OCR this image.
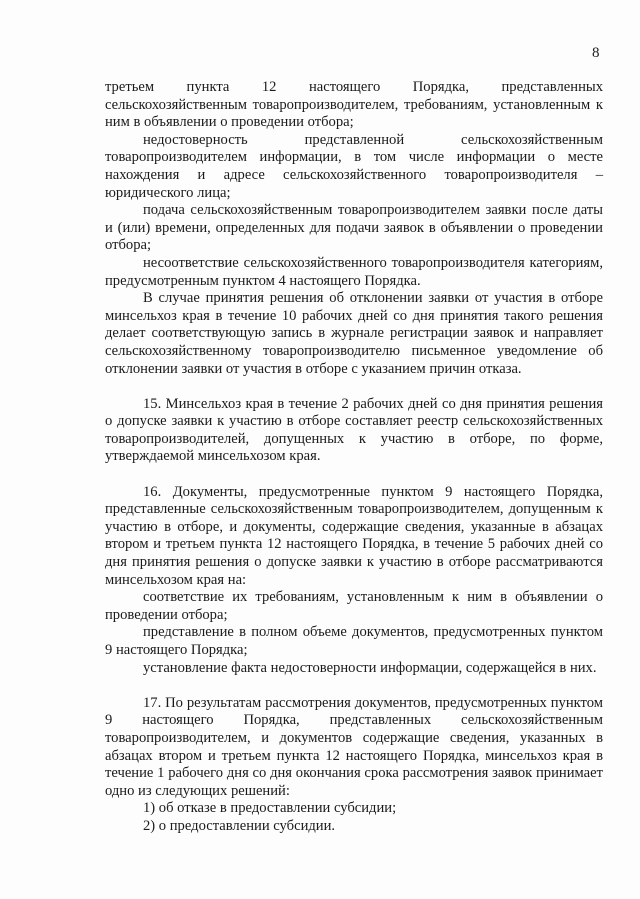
8

третьем пункта 12 настоящего Порядка, представленных сельскохозяйственным товаропроизводителем, требованиям, установленным к ним в объявлении о проведении отбора;

недостоверность представленной сельскохозяйственным товаропроизводителем информации, в том числе информации о месте нахождения и адресе сельскохозяйственного товаропроизводителя – юридического лица;

подача сельскохозяйственным товаропроизводителем заявки после даты и (или) времени, определенных для подачи заявок в объявлении о проведении отбора;

несоответствие сельскохозяйственного товаропроизводителя категориям, предусмотренным пунктом 4 настоящего Порядка.

В случае принятия решения об отклонении заявки от участия в отборе минсельхоз края в течение 10 рабочих дней со дня принятия такого решения делает соответствующую запись в журнале регистрации заявок и направляет сельскохозяйственному товаропроизводителю письменное уведомление об отклонении заявки от участия в отборе с указанием причин отказа.

15. Минсельхоз края в течение 2 рабочих дней со дня принятия решения о допуске заявки к участию в отборе составляет реестр сельскохозяйственных товаропроизводителей, допущенных к участию в отборе, по форме, утверждаемой минсельхозом края.

16. Документы, предусмотренные пунктом 9 настоящего Порядка, представленные сельскохозяйственным товаропроизводителем, допущенным к участию в отборе, и документы, содержащие сведения, указанные в абзацах втором и третьем пункта 12 настоящего Порядка, в течение 5 рабочих дней со дня принятия решения о допуске заявки к участию в отборе рассматриваются минсельхозом края на:

соответствие их требованиям, установленным к ним в объявлении о проведении отбора;

представление в полном объеме документов, предусмотренных пунктом 9 настоящего Порядка;

установление факта недостоверности информации, содержащейся в них.

17. По результатам рассмотрения документов, предусмотренных пунктом 9 настоящего Порядка, представленных сельскохозяйственным товаропроизводителем, и документов содержащие сведения, указанных в абзацах втором и третьем пункта 12 настоящего Порядка, минсельхоз края в течение 1 рабочего дня со дня окончания срока рассмотрения заявок принимает одно из следующих решений:

1) об отказе в предоставлении субсидии;

2) о предоставлении субсидии.
